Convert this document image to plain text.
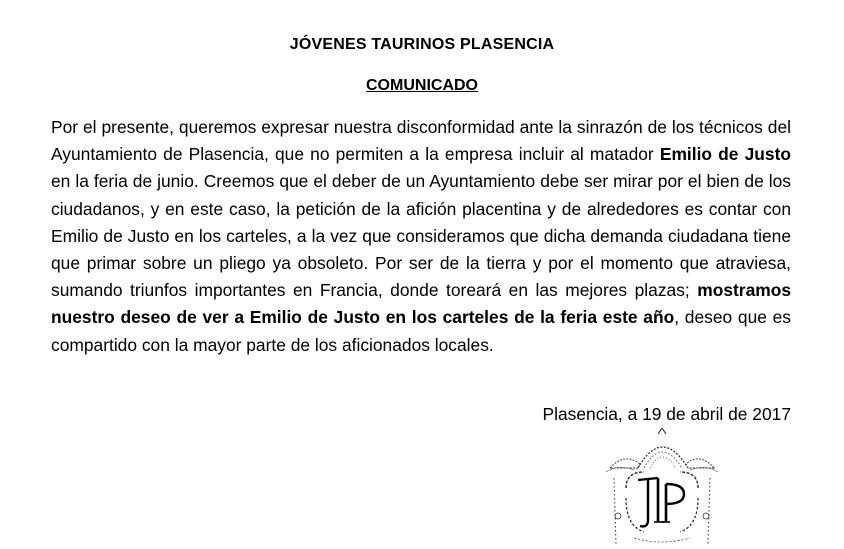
JÓVENES TAURINOS PLASENCIA
COMUNICADO
Por el presente, queremos expresar nuestra disconformidad ante la sinrazón de los técnicos del Ayuntamiento de Plasencia, que no permiten a la empresa incluir al matador Emilio de Justo en la feria de junio. Creemos que el deber de un Ayuntamiento debe ser mirar por el bien de los ciudadanos, y en este caso, la petición de la afición placentina y de alrededores es contar con Emilio de Justo en los carteles, a la vez que consideramos que dicha demanda ciudadana tiene que primar sobre un pliego ya obsoleto. Por ser de la tierra y por el momento que atraviesa, sumando triunfos importantes en Francia, donde toreará en las mejores plazas; mostramos nuestro deseo de ver a Emilio de Justo en los carteles de la feria este año, deseo que es compartido con la mayor parte de los aficionados locales.
Plasencia, a 19 de abril de 2017
